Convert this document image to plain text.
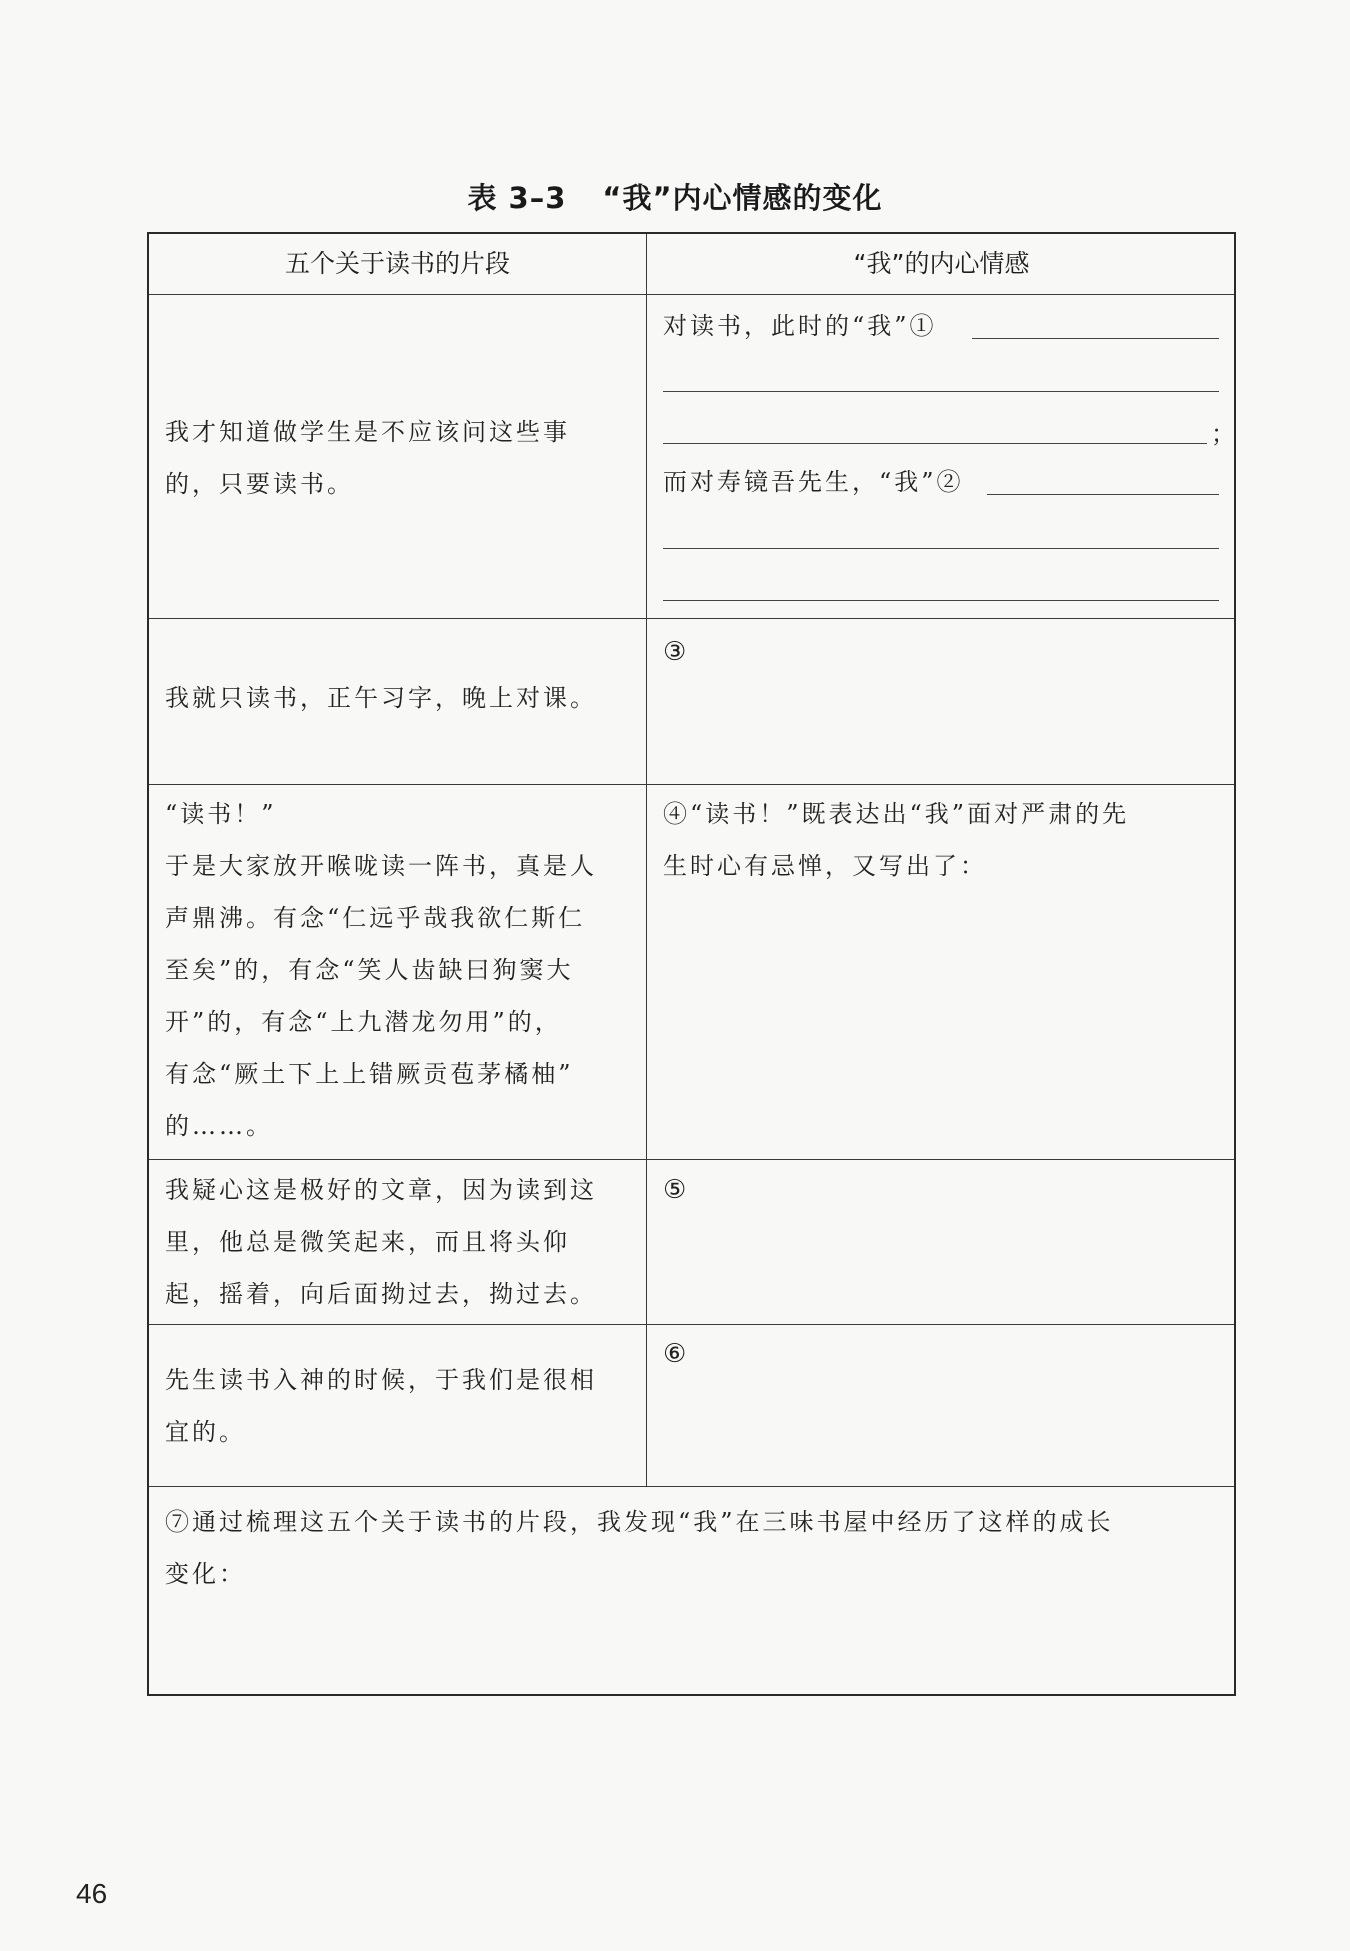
表 3–3 “我”内心情感的变化
五个关于读书的片段	“我”的内心情感
我才知道做学生是不应该问这些事
的，只要读书。
对读书，此时的“我”①
；
而对寿镜吾先生，“我”②
我就只读书，正午习字，晚上对课。
③
“读书！”
于是大家放开喉咙读一阵书，真是人
声鼎沸。有念“仁远乎哉我欲仁斯仁
至矣”的，有念“笑人齿缺曰狗窦大
开”的，有念“上九潜龙勿用”的，
有念“厥土下上上错厥贡苞茅橘柚”
的……。
④“读书！”既表达出“我”面对严肃的先
生时心有忌惮，又写出了：
我疑心这是极好的文章，因为读到这
里，他总是微笑起来，而且将头仰
起，摇着，向后面拗过去，拗过去。
⑤
先生读书入神的时候，于我们是很相
宜的。
⑥
⑦通过梳理这五个关于读书的片段，我发现“我”在三味书屋中经历了这样的成长
变化：
46
